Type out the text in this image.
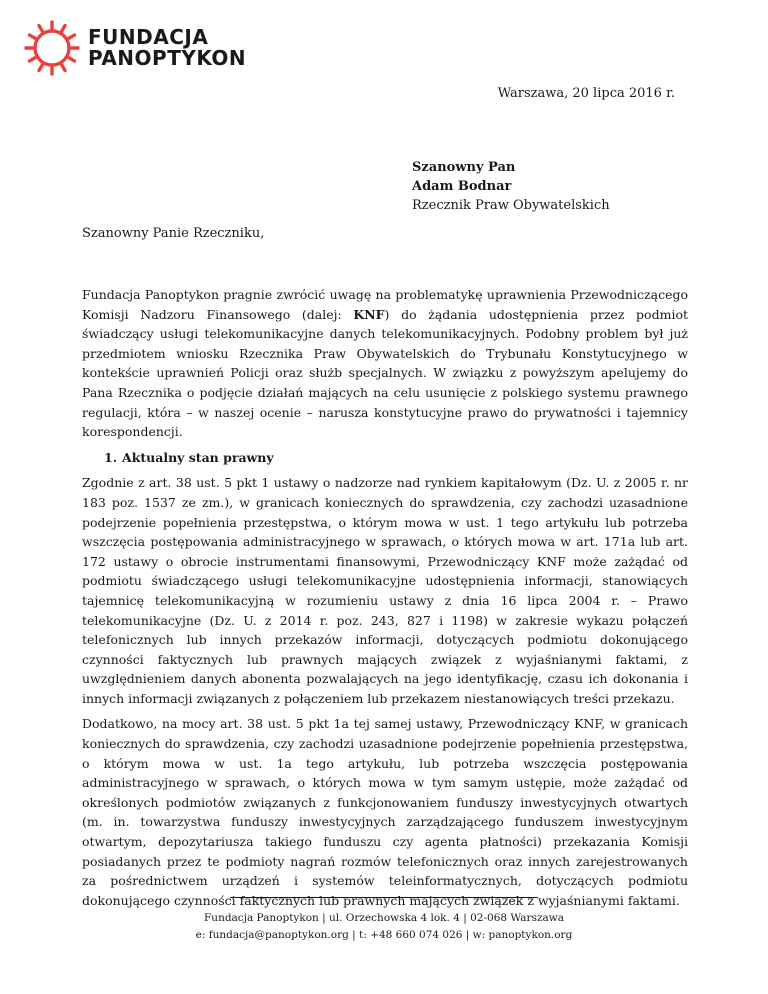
FUNDACJA
PANOPTYKON
Warszawa, 20 lipca 2016 r.
Szanowny Pan
Adam Bodnar
Rzecznik Praw Obywatelskich
Szanowny Panie Rzeczniku,

Fundacja Panoptykon pragnie zwrócić uwagę na problematykę uprawnienia Przewodniczącego Komisji Nadzoru Finansowego (dalej: KNF) do żądania udostępnienia przez podmiot świadczący usługi telekomunikacyjne danych telekomunikacyjnych. Podobny problem był już przedmiotem wniosku Rzecznika Praw Obywatelskich do Trybunału Konstytucyjnego w kontekście uprawnień Policji oraz służb specjalnych. W związku z powyższym apelujemy do Pana Rzecznika o podjęcie działań mających na celu usunięcie z polskiego systemu prawnego regulacji, która – w naszej ocenie – narusza konstytucyjne prawo do prywatności i tajemnicy korespondencji.

1. Aktualny stan prawny

Zgodnie z art. 38 ust. 5 pkt 1 ustawy o nadzorze nad rynkiem kapitałowym (Dz. U. z 2005 r. nr 183 poz. 1537 ze zm.), w granicach koniecznych do sprawdzenia, czy zachodzi uzasadnione podejrzenie popełnienia przestępstwa, o którym mowa w ust. 1 tego artykułu lub potrzeba wszczęcia postępowania administracyjnego w sprawach, o których mowa w art. 171a lub art. 172 ustawy o obrocie instrumentami finansowymi, Przewodniczący KNF może zażądać od podmiotu świadczącego usługi telekomunikacyjne udostępnienia informacji, stanowiących tajemnicę telekomunikacyjną w rozumieniu ustawy z dnia 16 lipca 2004 r. – Prawo telekomunikacyjne (Dz. U. z 2014 r. poz. 243, 827 i 1198) w zakresie wykazu połączeń telefonicznych lub innych przekazów informacji, dotyczących podmiotu dokonującego czynności faktycznych lub prawnych mających związek z wyjaśnianymi faktami, z uwzględnieniem danych abonenta pozwalających na jego identyfikację, czasu ich dokonania i innych informacji związanych z połączeniem lub przekazem niestanowiących treści przekazu.

Dodatkowo, na mocy art. 38 ust. 5 pkt 1a tej samej ustawy, Przewodniczący KNF, w granicach koniecznych do sprawdzenia, czy zachodzi uzasadnione podejrzenie popełnienia przestępstwa, o którym mowa w ust. 1a tego artykułu, lub potrzeba wszczęcia postępowania administracyjnego w sprawach, o których mowa w tym samym ustępie, może zażądać od określonych podmiotów związanych z funkcjonowaniem funduszy inwestycyjnych otwartych (m. in. towarzystwa funduszy inwestycyjnych zarządzającego funduszem inwestycyjnym otwartym, depozytariusza takiego funduszu czy agenta płatności) przekazania Komisji posiadanych przez te podmioty nagrań rozmów telefonicznych oraz innych zarejestrowanych za pośrednictwem urządzeń i systemów teleinformatycznych, dotyczących podmiotu dokonującego czynności faktycznych lub prawnych mających związek z wyjaśnianymi faktami.

Fundacja Panoptykon | ul. Orzechowska 4 lok. 4 | 02-068 Warszawa
e: fundacja@panoptykon.org | t: +48 660 074 026 | w: panoptykon.org
